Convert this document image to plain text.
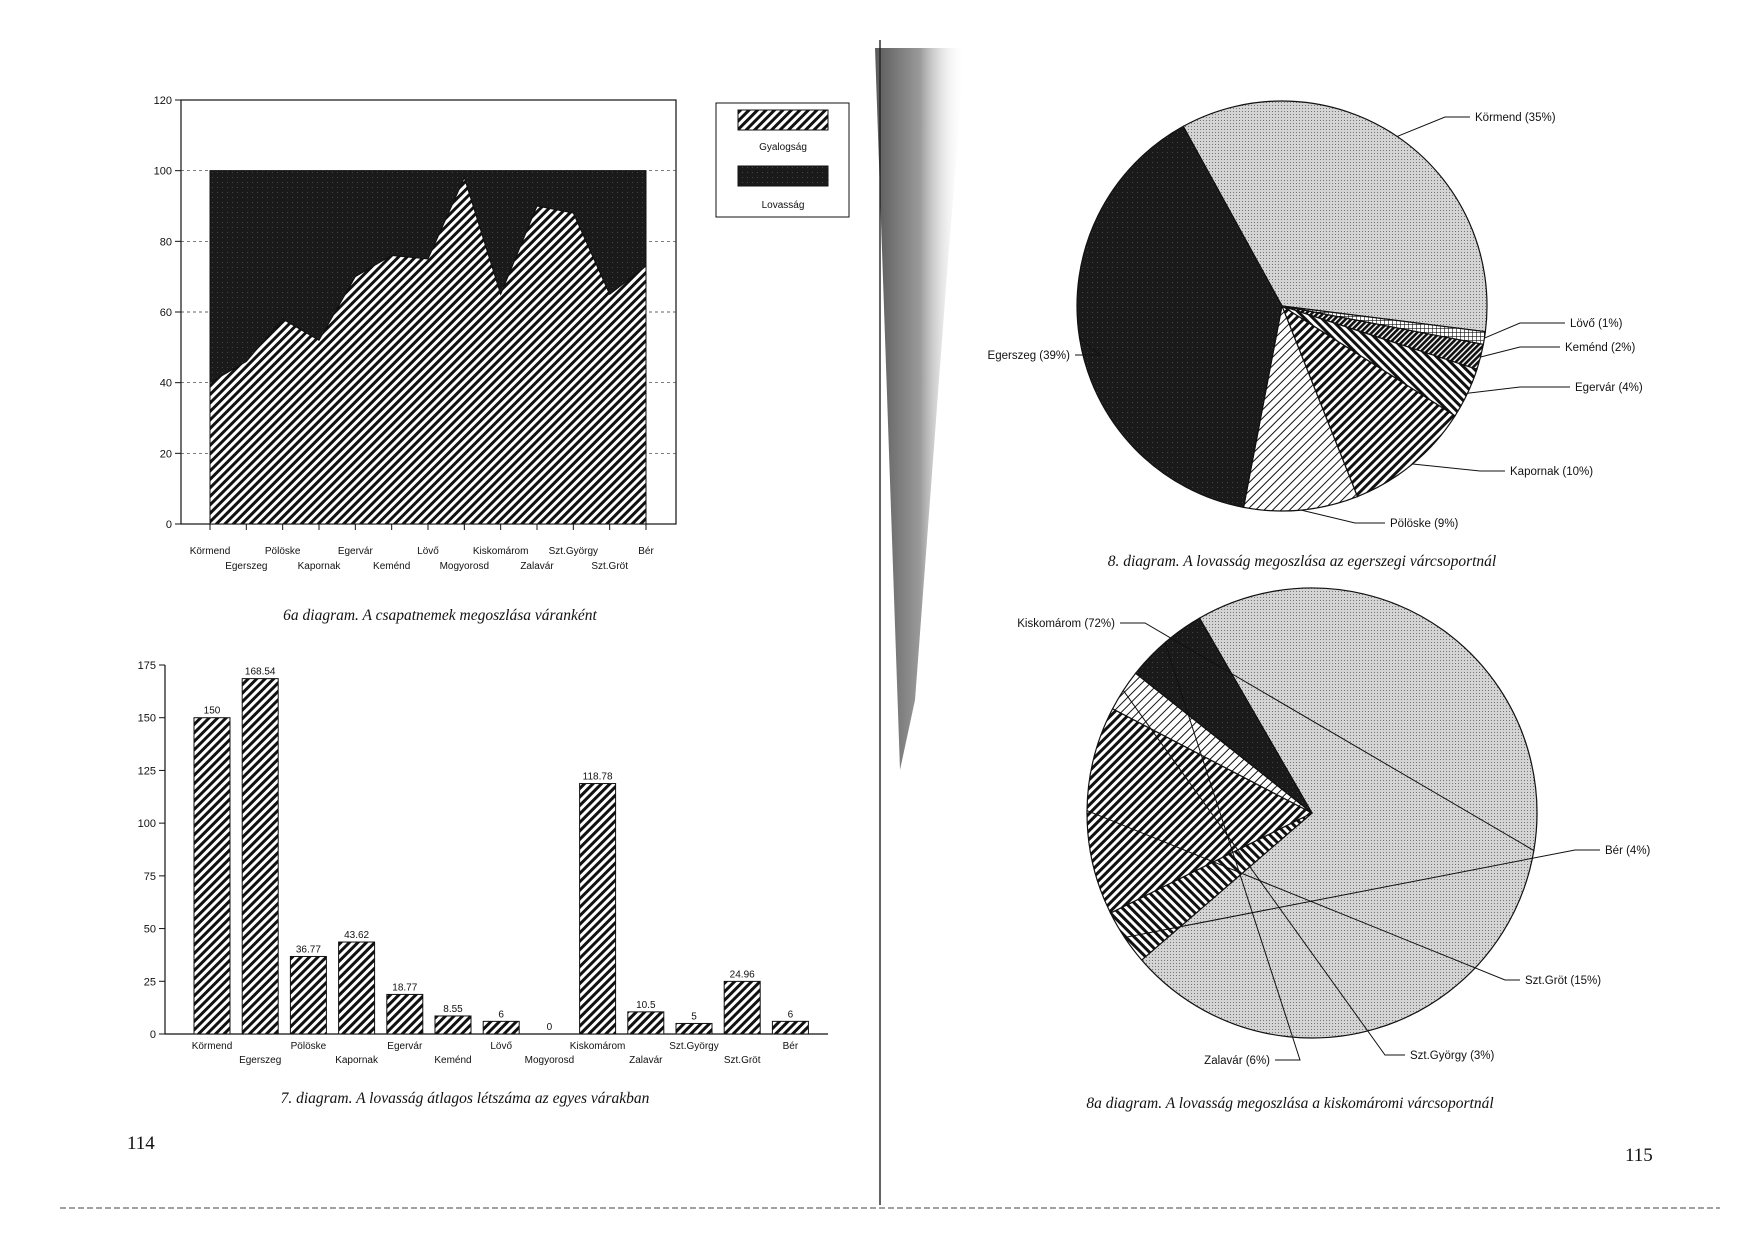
0
20
40
60
80
100
120
Körmend
Egerszeg
Pölöske
Kapornak
Egervár
Keménd
Lövő
Mogyorosd
Kiskomárom
Zalavár
Szt.György
Szt.Gröt
Bér
Gyalogság
Lovasság
6a diagram. A csapatnemek megoszlása váranként
0
25
50
75
100
125
150
175
150
168.54
36.77
43.62
18.77
8.55	6
0
118.78
10.5
5
24.96
6
Körmend
Egerszeg
Pölöske
Kapornak
Egervár
Keménd
Lövő
Mogyorosd
Kiskomárom
Zalavár
Szt.György
Szt.Gröt
Bér
7. diagram. A lovasság átlagos létszáma az egyes várakban
Körmend (35%)
Lövő (1%)
Keménd (2%)
Egervár (4%)
Kapornak (10%)
Pölöske (9%)
Egerszeg (39%)
8. diagram. A lovasság megoszlása az egerszegi várcsoportnál
Kiskomárom (72%)
Bér (4%)
Szt.Gröt (15%)
Szt.György (3%)
Zalavár (6%)
8a diagram. A lovasság megoszlása a kiskomáromi várcsoportnál
114
115
